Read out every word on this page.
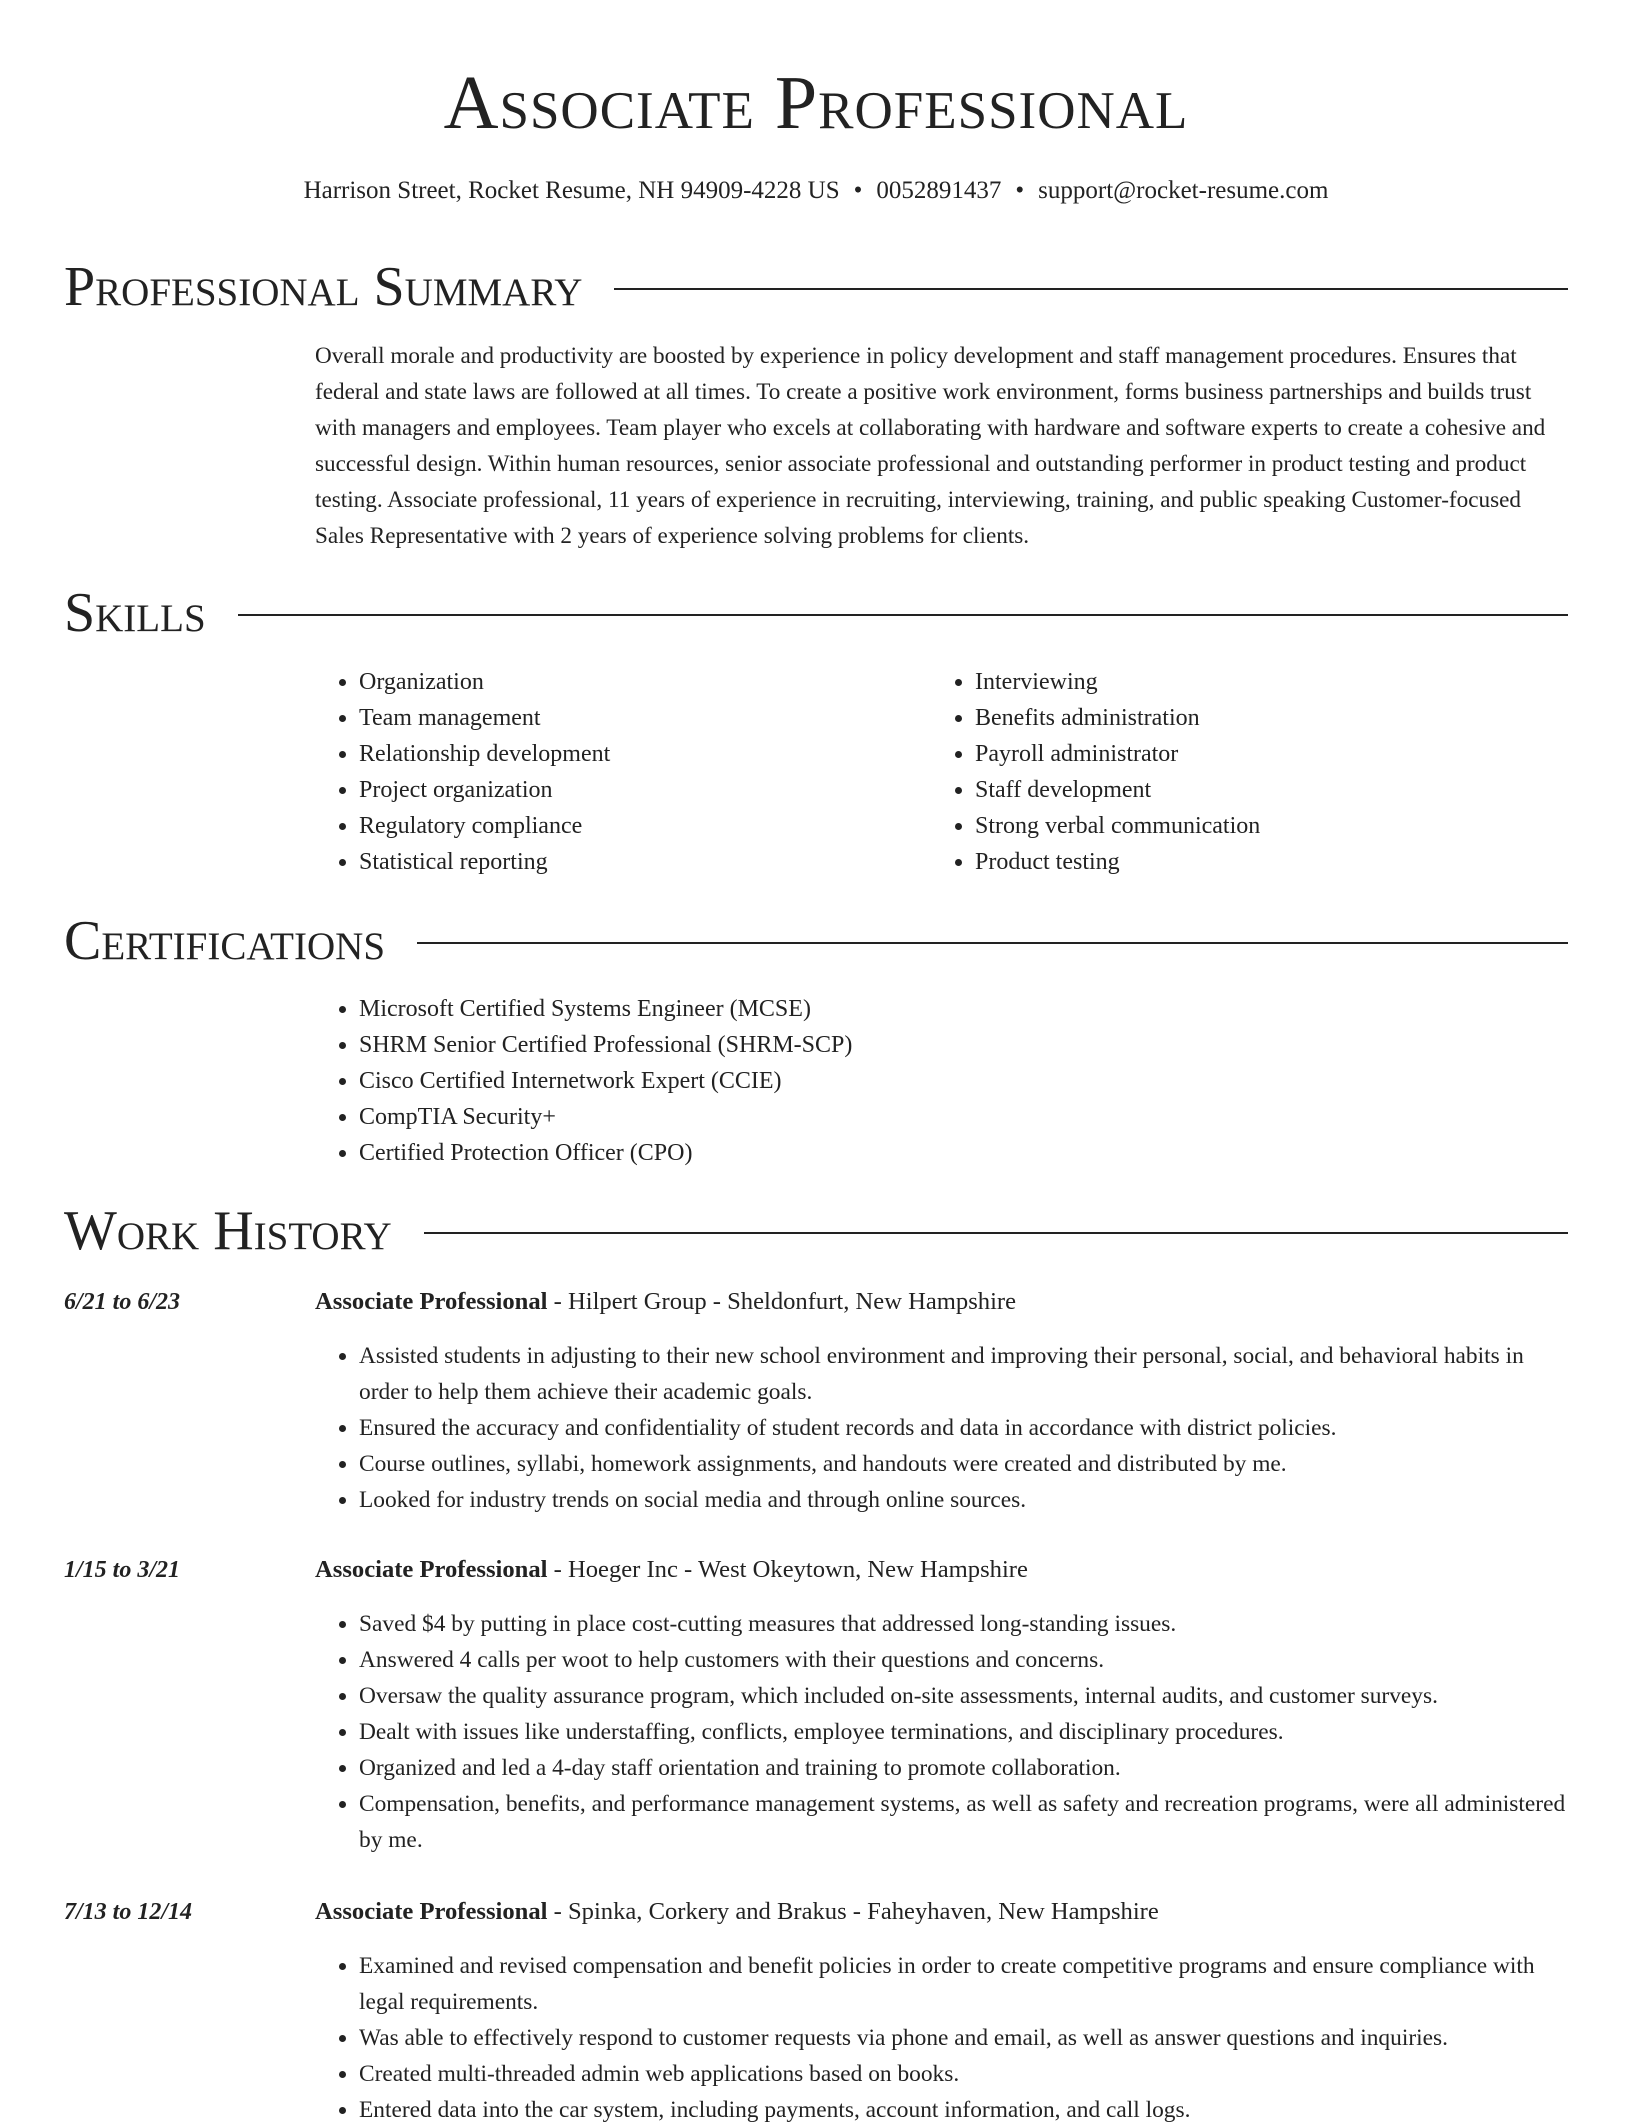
Associate Professional
Harrison Street, Rocket Resume, NH 94909-4228 US • 0052891437 • support@rocket-resume.com
Professional Summary
Overall morale and productivity are boosted by experience in policy development and staff management procedures. Ensures that federal and state laws are followed at all times. To create a positive work environment, forms business partnerships and builds trust with managers and employees. Team player who excels at collaborating with hardware and software experts to create a cohesive and successful design. Within human resources, senior associate professional and outstanding performer in product testing and product testing. Associate professional, 11 years of experience in recruiting, interviewing, training, and public speaking Customer-focused Sales Representative with 2 years of experience solving problems for clients.
Skills
• Organization
• Team management
• Relationship development
• Project organization
• Regulatory compliance
• Statistical reporting
• Interviewing
• Benefits administration
• Payroll administrator
• Staff development
• Strong verbal communication
• Product testing
Certifications
• Microsoft Certified Systems Engineer (MCSE)
• SHRM Senior Certified Professional (SHRM-SCP)
• Cisco Certified Internetwork Expert (CCIE)
• CompTIA Security+
• Certified Protection Officer (CPO)
Work History
6/21 to 6/23	Associate Professional - Hilpert Group - Sheldonfurt, New Hampshire
• Assisted students in adjusting to their new school environment and improving their personal, social, and behavioral habits in order to help them achieve their academic goals.
• Ensured the accuracy and confidentiality of student records and data in accordance with district policies.
• Course outlines, syllabi, homework assignments, and handouts were created and distributed by me.
• Looked for industry trends on social media and through online sources.
1/15 to 3/21	Associate Professional - Hoeger Inc - West Okeytown, New Hampshire
• Saved $4 by putting in place cost-cutting measures that addressed long-standing issues.
• Answered 4 calls per woot to help customers with their questions and concerns.
• Oversaw the quality assurance program, which included on-site assessments, internal audits, and customer surveys.
• Dealt with issues like understaffing, conflicts, employee terminations, and disciplinary procedures.
• Organized and led a 4-day staff orientation and training to promote collaboration.
• Compensation, benefits, and performance management systems, as well as safety and recreation programs, were all administered by me.
7/13 to 12/14	Associate Professional - Spinka, Corkery and Brakus - Faheyhaven, New Hampshire
• Examined and revised compensation and benefit policies in order to create competitive programs and ensure compliance with legal requirements.
• Was able to effectively respond to customer requests via phone and email, as well as answer questions and inquiries.
• Created multi-threaded admin web applications based on books.
• Entered data into the car system, including payments, account information, and call logs.
